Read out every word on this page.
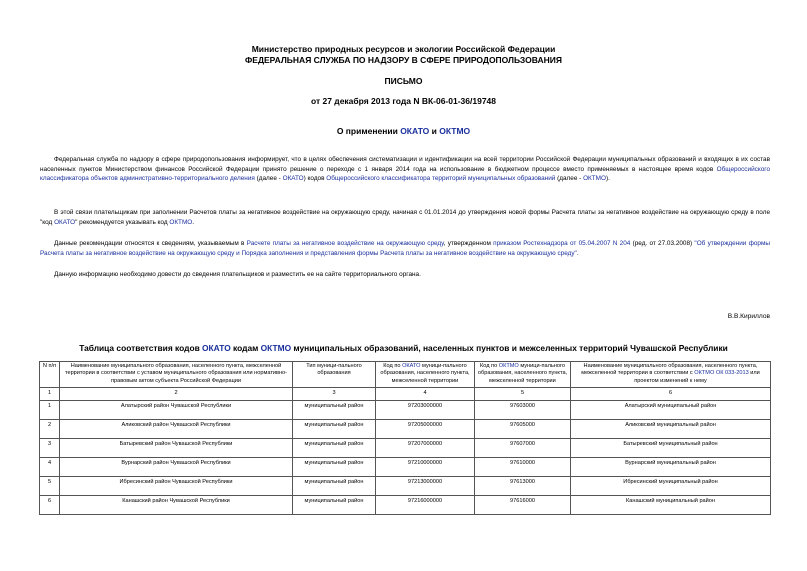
Министерство природных ресурсов и экологии Российской Федерации
ФЕДЕРАЛЬНАЯ СЛУЖБА ПО НАДЗОРУ В СФЕРЕ ПРИРОДОПОЛЬЗОВАНИЯ
ПИСЬМО
от 27 декабря 2013 года N ВК-06-01-36/19748
О применении ОКАТО и ОКТМО
Федеральная служба по надзору в сфере природопользования информирует, что в целях обеспечения систематизации и идентификации на всей территории Российской Федерации муниципальных образований и входящих в их состав населенных пунктов Министерством финансов Российской Федерации принято решение о переходе с 1 января 2014 года на использование в бюджетном процессе вместо применяемых в настоящее время кодов Общероссийского классификатора объектов административно-территориального деления (далее - ОКАТО) кодов Общероссийского классификатора территорий муниципальных образований (далее - ОКТМО).
В этой связи плательщикам при заполнении Расчетов платы за негативное воздействие на окружающую среду, начиная с 01.01.2014 до утверждения новой формы Расчета платы за негативное воздействие на окружающую среду в поле "код ОКАТО" рекомендуется указывать код ОКТМО.
Данные рекомендации относятся к сведениям, указываемым в Расчете платы за негативное воздействие на окружающую среду, утвержденном приказом Ростехнадзора от 05.04.2007 N 204 (ред. от 27.03.2008) "Об утверждении формы Расчета платы за негативное воздействие на окружающую среду и Порядка заполнения и представления формы Расчета платы за негативное воздействие на окружающую среду".
Данную информацию необходимо довести до сведения плательщиков и разместить ее на сайте территориального органа.
В.В.Кириллов
Таблица соответствия кодов ОКАТО кодам ОКТМО муниципальных образований, населенных пунктов и межселенных территорий Чувашской Республики
N п/п	Наименование муниципального образования, населенного пункта, межселенной территории в соответствии с уставом муниципального образования или нормативно-правовым актом субъекта Российской Федерации	Тип муници-пального образования	Код по ОКАТО муници-пального образования, населенного пункта, межселенной территории	Код по ОКТМО муници-пального образования, населенного пункта, межселенной территории	Наименование муниципального образования, населенного пункта, межселенной территории в соответствии с ОКТМО ОК 033-2013 или проектом изменений к нему
1	2	3	4	5	6
1	Алатырский район Чувашской Республики	муниципальный район	97203000000	97603000	Алатырский муниципальный район
2	Аликовский район Чувашской Республики	муниципальный район	97205000000	97605000	Аликовский муниципальный район
3	Батыревский район Чувашской Республики	муниципальный район	97207000000	97607000	Батыревский муниципальный район
4	Вурнарский район Чувашской Республики	муниципальный район	97210000000	97610000	Вурнарский муниципальный район
5	Ибресинский район Чувашской Республики	муниципальный район	97213000000	97613000	Ибресинский муниципальный район
6	Канашский район Чувашской Республики	муниципальный район	97216000000	97616000	Канашский муниципальный район
